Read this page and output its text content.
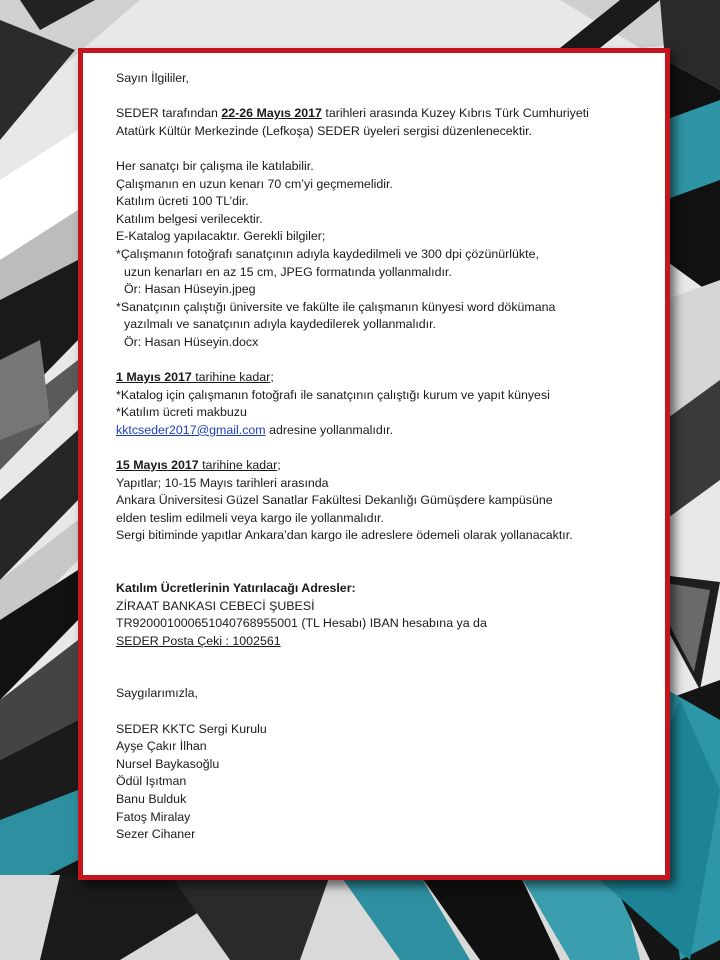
Sayın İlgililer,
SEDER tarafından 22-26 Mayıs 2017 tarihleri arasında Kuzey Kıbrıs Türk Cumhuriyeti
Atatürk Kültür Merkezinde (Lefkoşa) SEDER üyeleri sergisi düzenlenecektir.
Her sanatçı bir çalışma ile katılabilir.
Çalışmanın en uzun kenarı 70 cm’yi geçmemelidir.
Katılım ücreti 100 TL’dir.
Katılım belgesi verilecektir.
E-Katalog yapılacaktır. Gerekli bilgiler;
*Çalışmanın fotoğrafı sanatçının adıyla kaydedilmeli ve 300 dpi çözünürlükte,
uzun kenarları en az 15 cm, JPEG formatında yollanmalıdır.
Ör: Hasan Hüseyin.jpeg
*Sanatçının çalıştığı üniversite ve fakülte ile çalışmanın künyesi word dökümana
yazılmalı ve sanatçının adıyla kaydedilerek yollanmalıdır.
Ör: Hasan Hüseyin.docx
1 Mayıs 2017 tarihine kadar;
*Katalog için çalışmanın fotoğrafı ile sanatçının çalıştığı kurum ve yapıt künyesi
*Katılım ücreti makbuzu
kktcseder2017@gmail.com adresine yollanmalıdır.
15 Mayıs 2017 tarihine kadar;
Yapıtlar; 10-15 Mayıs tarihleri arasında
Ankara Üniversitesi Güzel Sanatlar Fakültesi Dekanlığı Gümüşdere kampüsüne
elden teslim edilmeli veya kargo ile yollanmalıdır.
Sergi bitiminde yapıtlar Ankara’dan kargo ile adreslere ödemeli olarak yollanacaktır.
Katılım Ücretlerinin Yatırılacağı Adresler:
ZİRAAT BANKASI CEBECİ ŞUBESİ
TR920001000651040768955001 (TL Hesabı) IBAN hesabına ya da
SEDER Posta Çeki : 1002561
Saygılarımızla,
SEDER KKTC Sergi Kurulu
Ayşe Çakır İlhan
Nursel Baykasoğlu
Ödül Işıtman
Banu Bulduk
Fatoş Miralay
Sezer Cihaner
